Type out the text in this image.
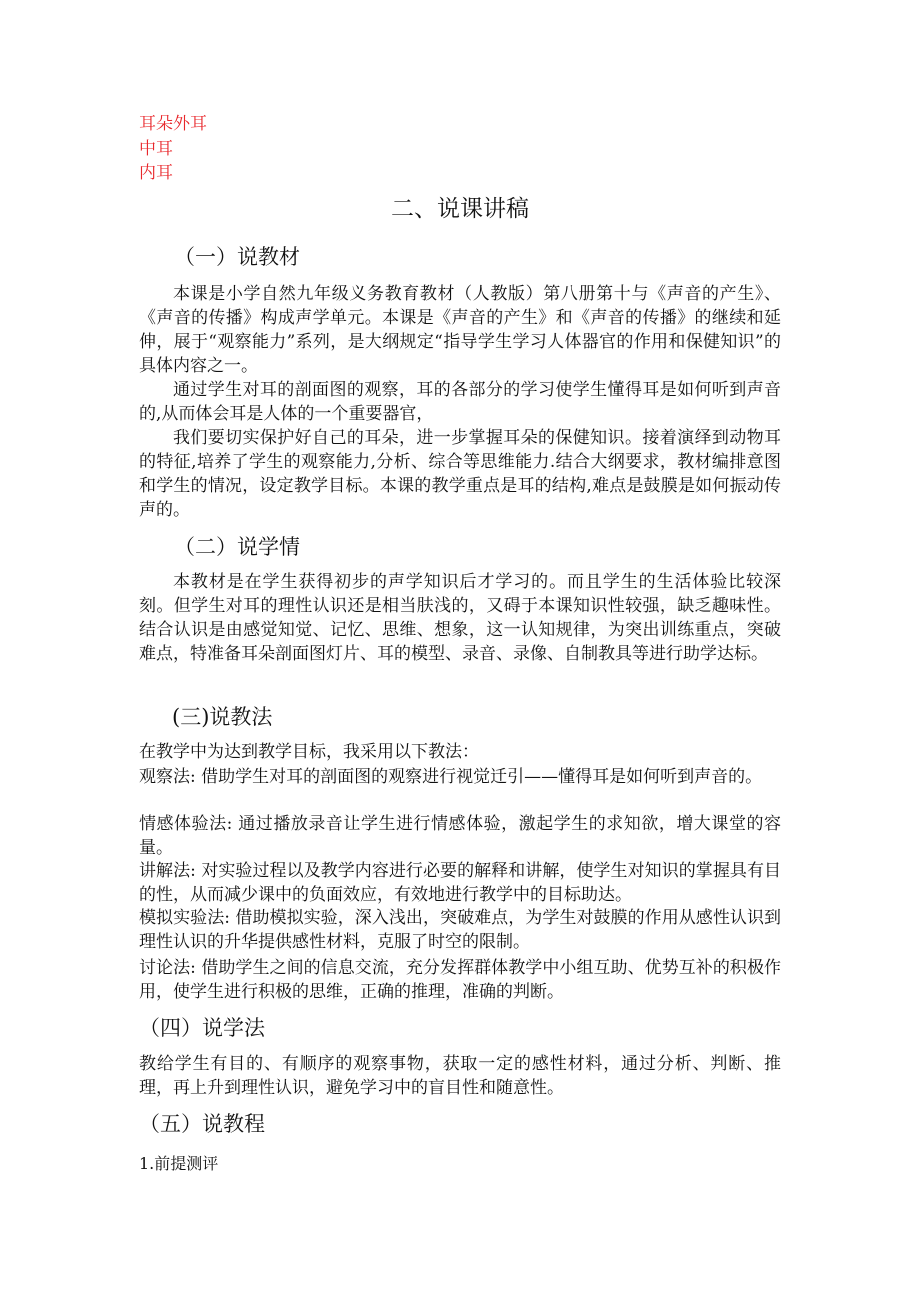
耳朵外耳
中耳
内耳
二、说课讲稿
（一）说教材
本课是小学自然九年级义务教育教材（人教版）第八册第十与《声音的产生》、《声音的传播》构成声学单元。本课是《声音的产生》和《声音的传播》的继续和延伸，展于“观察能力”系列，是大纲规定“指导学生学习人体器官的作用和保健知识”的具体内容之一。
通过学生对耳的剖面图的观察，耳的各部分的学习使学生懂得耳是如何听到声音的,从而体会耳是人体的一个重要器官，
我们要切实保护好自己的耳朵，进一步掌握耳朵的保健知识。接着演绎到动物耳的特征,培养了学生的观察能力,分析、综合等思维能力.结合大纲要求，教材编排意图和学生的情况，设定教学目标。本课的教学重点是耳的结构,难点是鼓膜是如何振动传声的。
（二）说学情
本教材是在学生获得初步的声学知识后才学习的。而且学生的生活体验比较深刻。但学生对耳的理性认识还是相当肤浅的，又碍于本课知识性较强，缺乏趣味性。结合认识是由感觉知觉、记忆、思维、想象，这一认知规律，为突出训练重点，突破难点，特准备耳朵剖面图灯片、耳的模型、录音、录像、自制教具等进行助学达标。
(三)说教法
在教学中为达到教学目标，我采用以下教法：
观察法: 借助学生对耳的剖面图的观察进行视觉迁引——懂得耳是如何听到声音的。
情感体验法: 通过播放录音让学生进行情感体验，激起学生的求知欲，增大课堂的容量。
讲解法: 对实验过程以及教学内容进行必要的解释和讲解，使学生对知识的掌握具有目的性，从而减少课中的负面效应，有效地进行教学中的目标助达。
模拟实验法: 借助模拟实验，深入浅出，突破难点，为学生对鼓膜的作用从感性认识到理性认识的升华提供感性材料，克服了时空的限制。
讨论法: 借助学生之间的信息交流，充分发挥群体教学中小组互助、优势互补的积极作用，使学生进行积极的思维，正确的推理，准确的判断。
（四）说学法
教给学生有目的、有顺序的观察事物，获取一定的感性材料，通过分析、判断、推理，再上升到理性认识，避免学习中的盲目性和随意性。
（五）说教程
1.前提测评
